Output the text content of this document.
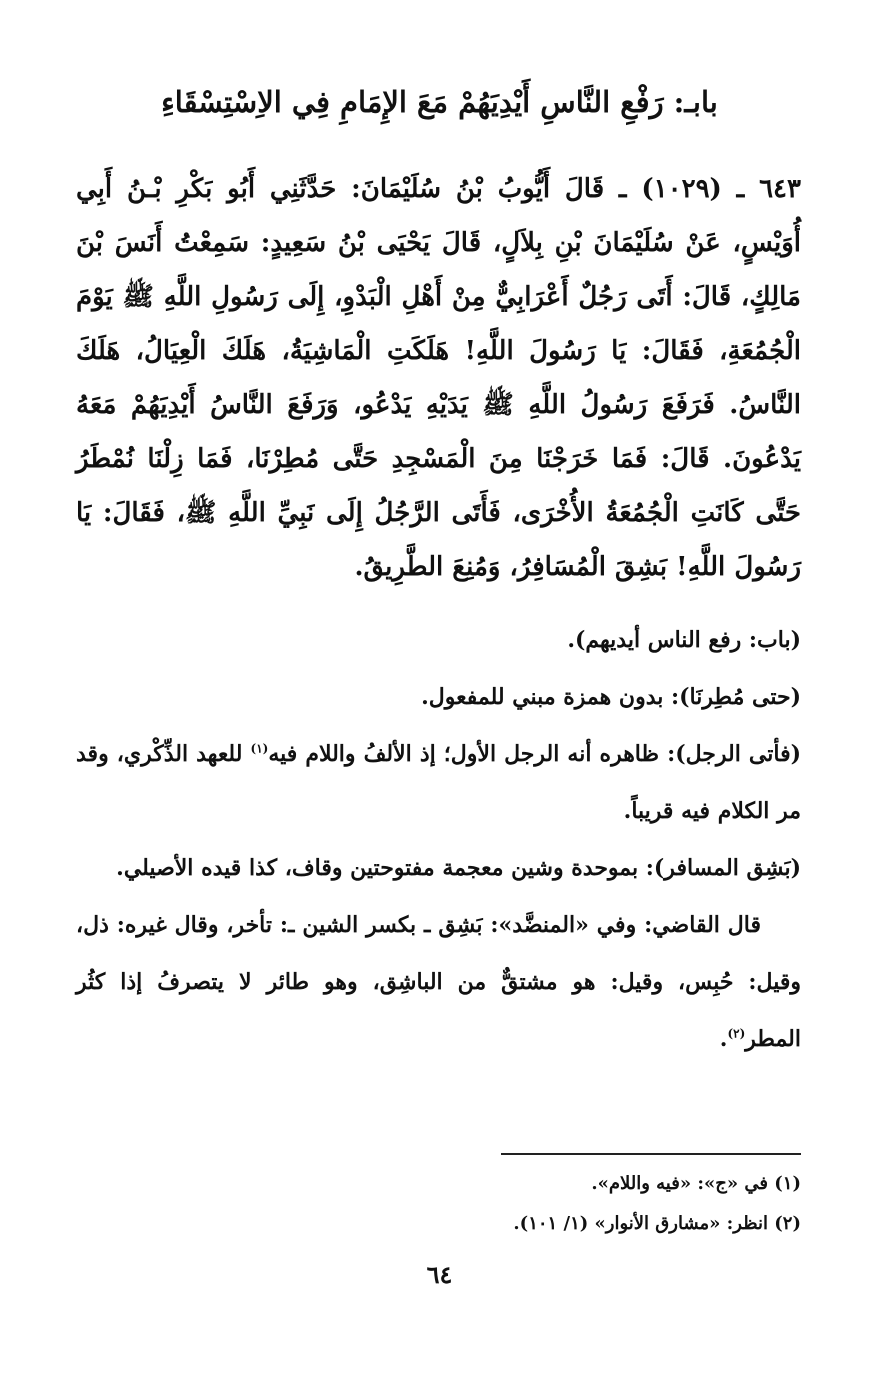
بابـ: رَفْعِ النَّاسِ أَيْدِيَهُمْ مَعَ الإِمَامِ فِي الاِسْتِسْقَاءِ

٦٤٣ ـ (١٠٢٩) ـ قَالَ أَيُّوبُ بْنُ سُلَيْمَانَ: حَدَّثَنِي أَبُو بَكْرِ بْـنُ أَبِي أُوَيْسٍ، عَنْ سُلَيْمَانَ بْنِ بِلاَلٍ، قَالَ يَحْيَى بْنُ سَعِيدٍ: سَمِعْتُ أَنَسَ بْنَ مَالِكٍ، قَالَ: أَتَى رَجُلٌ أَعْرَابِيٌّ مِنْ أَهْلِ الْبَدْوِ، إِلَى رَسُولِ اللَّهِ ﷺ يَوْمَ الْجُمُعَةِ، فَقَالَ: يَا رَسُولَ اللَّهِ! هَلَكَتِ الْمَاشِيَةُ، هَلَكَ الْعِيَالُ، هَلَكَ النَّاسُ. فَرَفَعَ رَسُولُ اللَّهِ ﷺ يَدَيْهِ يَدْعُو، وَرَفَعَ النَّاسُ أَيْدِيَهُمْ مَعَهُ يَدْعُونَ. قَالَ: فَمَا خَرَجْنَا مِنَ الْمَسْجِدِ حَتَّى مُطِرْنَا، فَمَا زِلْنَا نُمْطَرُ حَتَّى كَانَتِ الْجُمُعَةُ الأُخْرَى، فَأَتَى الرَّجُلُ إِلَى نَبِيِّ اللَّهِ ﷺ، فَقَالَ: يَا رَسُولَ اللَّهِ! بَشِقَ الْمُسَافِرُ، وَمُنِعَ الطَّرِيقُ.

(باب: رفع الناس أيديهم).

(حتى مُطِرنَا): بدون همزة مبني للمفعول.

(فأتى الرجل): ظاهره أنه الرجل الأول؛ إذ الألفُ واللام فيه$^{(١)}$ للعهد الذِّكْري، وقد مر الكلام فيه قريباً.

(بَشِق المسافر): بموحدة وشين معجمة مفتوحتين وقاف، كذا قيده الأصيلي.

قال القاضي: وفي «المنضَّد»: بَشِق ـ بكسر الشين ـ: تأخر، وقال غيره: ذل، وقيل: حُبِس، وقيل: هو مشتقٌّ من الباشِق، وهو طائر لا يتصرفُ إذا كثُر المطر$^{(٢)}$.

(١) في «ج»: «فيه واللام».

(٢) انظر: «مشارق الأنوار» (١/ ١٠١).

٦٤
